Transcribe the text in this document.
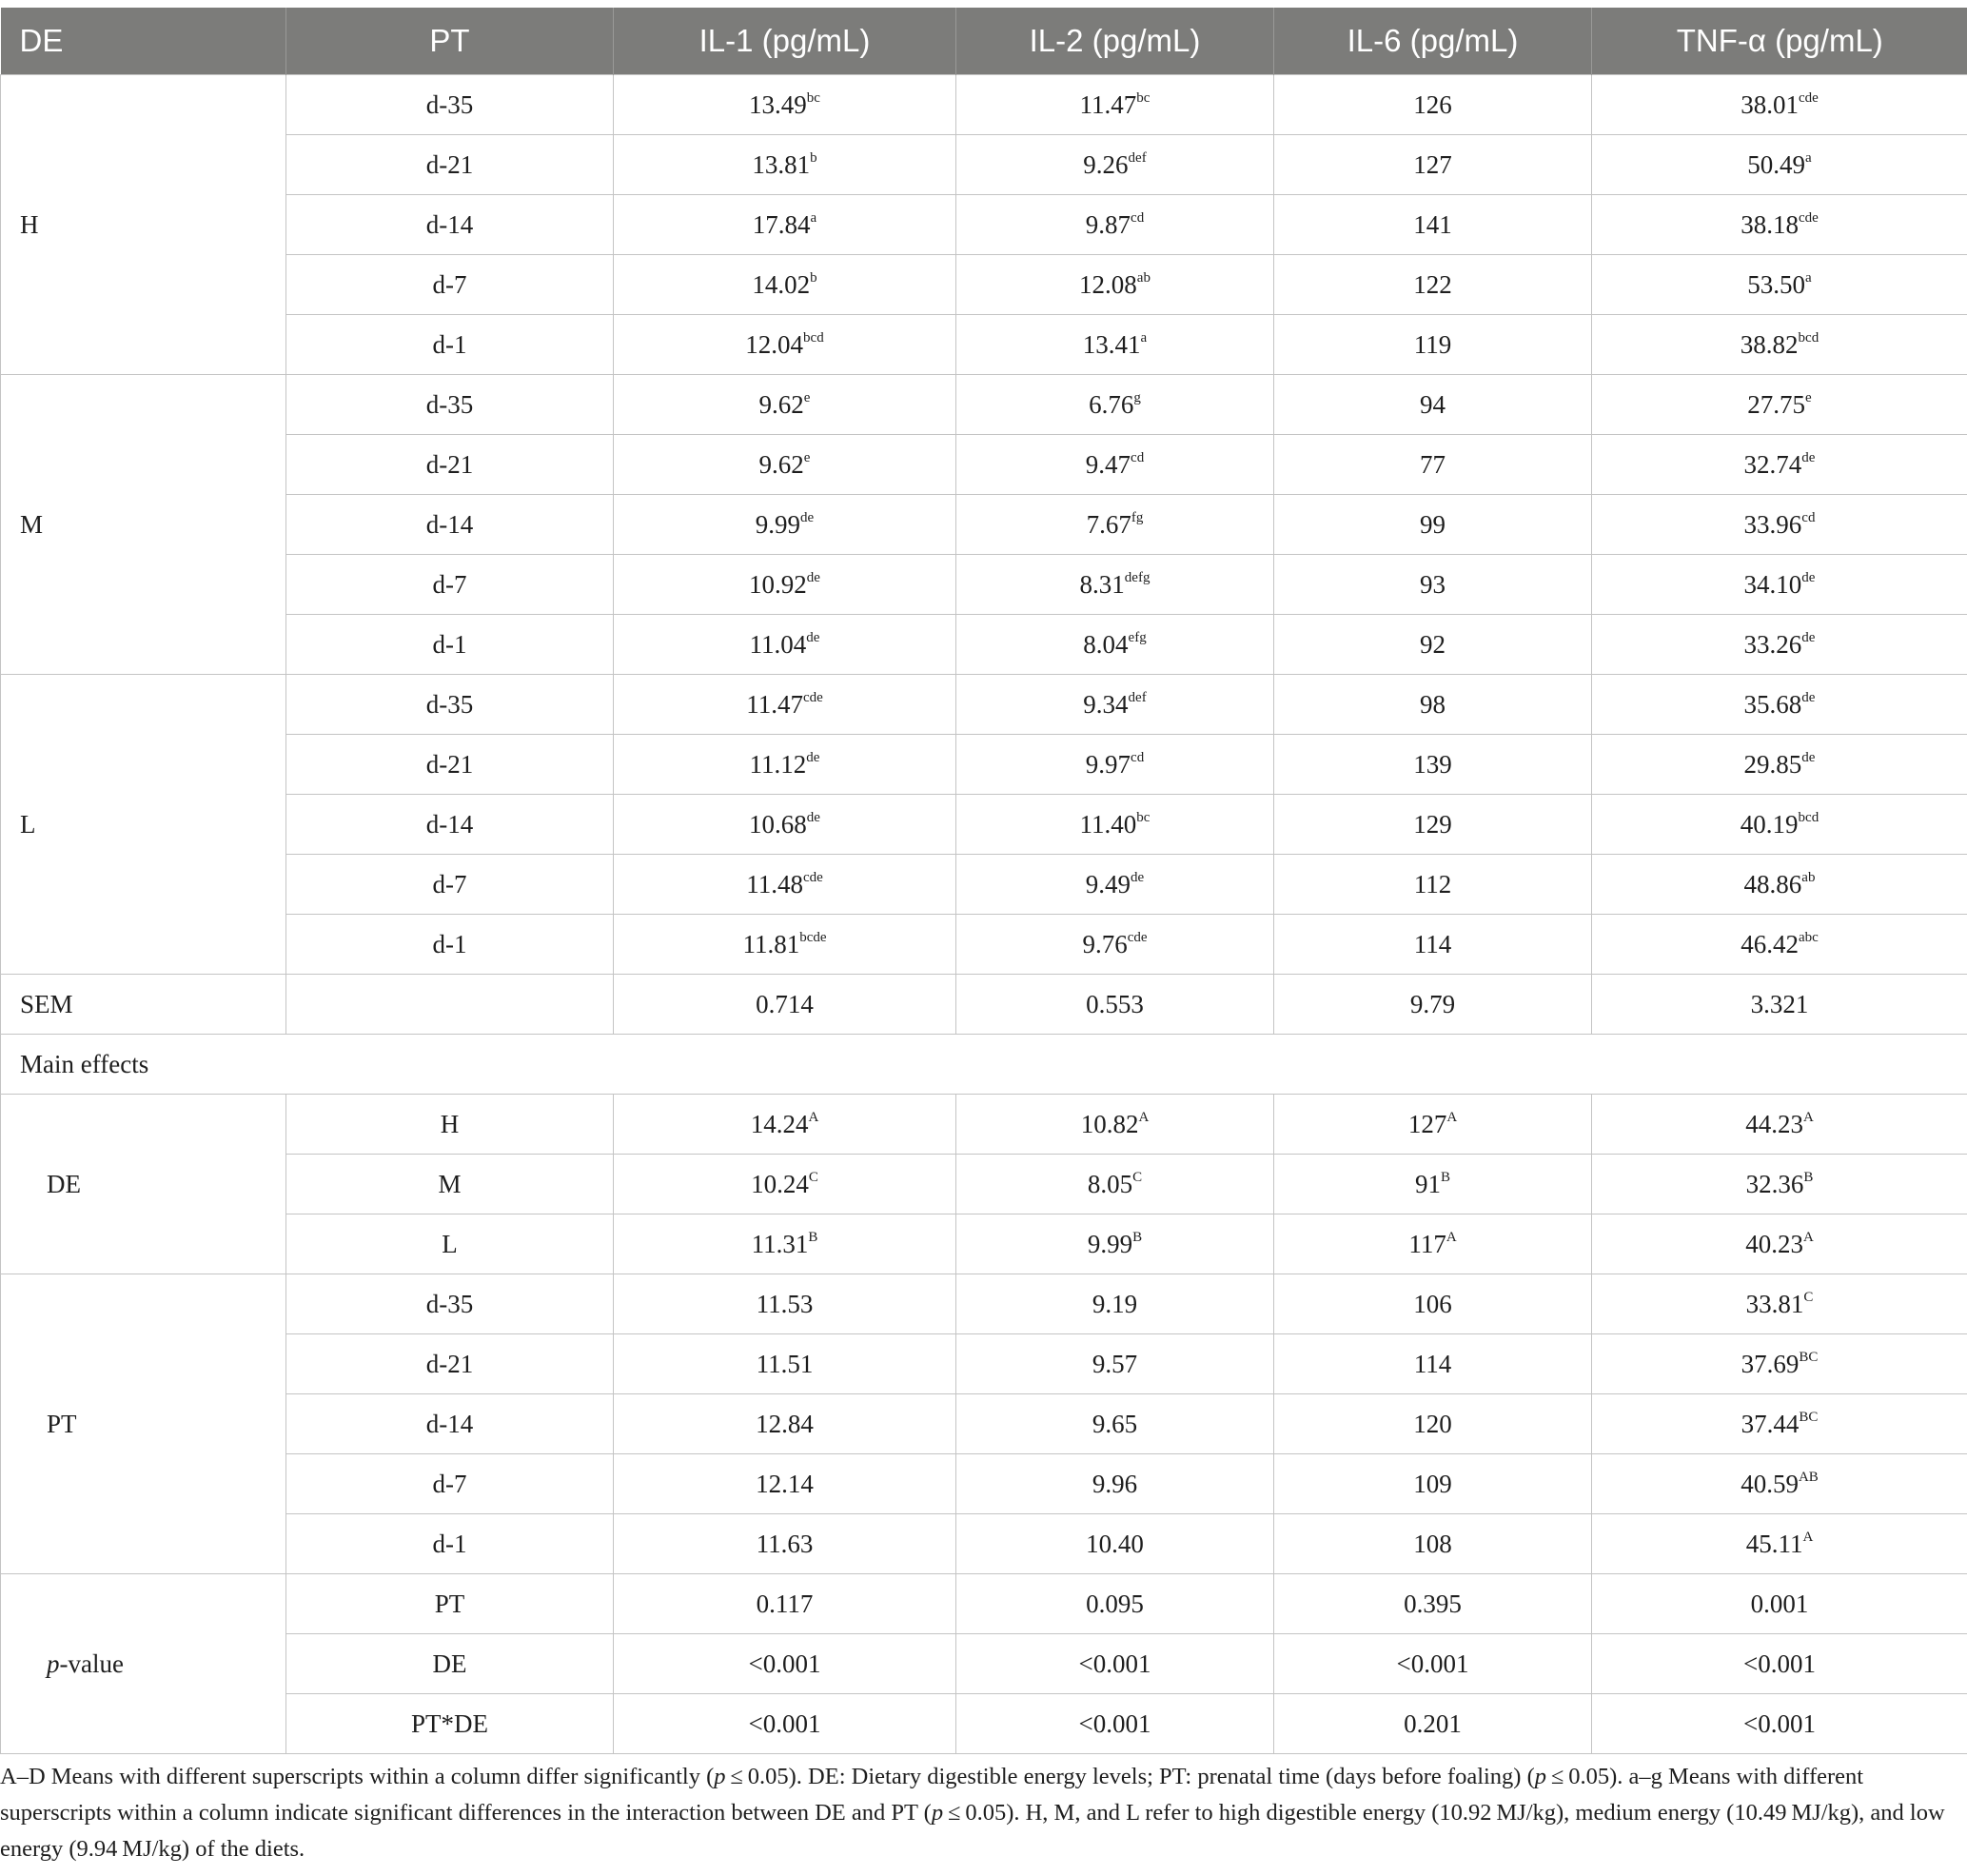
DE	PT	IL-1 (pg/mL)	IL-2 (pg/mL)	IL-6 (pg/mL)	TNF-α (pg/mL)
H	d-35	13.49$^{bc}$	11.47$^{bc}$	126	38.01$^{cde}$
	d-21	13.81$^b$	9.26$^{def}$	127	50.49$^a$
	d-14	17.84$^a$	9.87$^{cd}$	141	38.18$^{cde}$
	d-7	14.02$^b$	12.08$^{ab}$	122	53.50$^a$
	d-1	12.04$^{bcd}$	13.41$^a$	119	38.82$^{bcd}$
M	d-35	9.62e	6.76$^g$	94	27.75e
	d-21	9.62e	9.47$^{cd}$	77	32.74de
	d-14	9.99de	7.67$^{fg}$	99	33.96$^{cd}$
	d-7	10.92de	$8.31^{defg}$	93	34.10de
	d-1	11.04de	8.04$^{efg}$	92	33.26de
L	d-35	11.47$^{cde}$	9.34$^{def}$	98	35.68de
	d-21	11.12de	9.97$^{cd}$	139	29.85de
	d-14	10.68de	11.40$^{bc}$	129	40.19$^{bcd}$
	d-7	11.48$^{cde}$	9.49de	112	48.86$^{ab}$
	d-1	$11.81^{bcde}$	9.76$^{cde}$	114	46.42$^{abc}$
SEM		0.714	0.553	9.79	3.321
Main effects					
DE	H	$14.24^A$	$10.82^A$	$127^A$	$44.23^A$
	M	$10.24^C$	$8.05^C$	$91^B$	$32.36^B$
	L	$11.31^B$	$9.99^B$	$117^A$	$40.23^A$
PT	d-35	11.53	9.19	106	$33.81^C$
	d-21	11.51	9.57	114	$37.69^{BC}$
	d-14	12.84	9.65	120	$37.44^{BC}$
	d-7	12.14	9.96	109	$40.59^{AB}$
	d-1	11.63	10.40	108	$45.11^A$
p-value	PT	0.117	0.095	0.395	0.001
	DE	<0.001	<0.001	<0.001	<0.001
	PT*DE	<0.001	<0.001	0.201	<0.001
A–D Means with different superscripts within a column differ significantly (p ≤ 0.05). DE: Dietary digestible energy levels; PT: prenatal time (days before foaling) (p ≤ 0.05). a–g Means with different superscripts within a column indicate significant differences in the interaction between DE and PT (p ≤ 0.05). H, M, and L refer to high digestible energy (10.92 MJ/kg), medium energy (10.49 MJ/kg), and low energy (9.94 MJ/kg) of the diets.
